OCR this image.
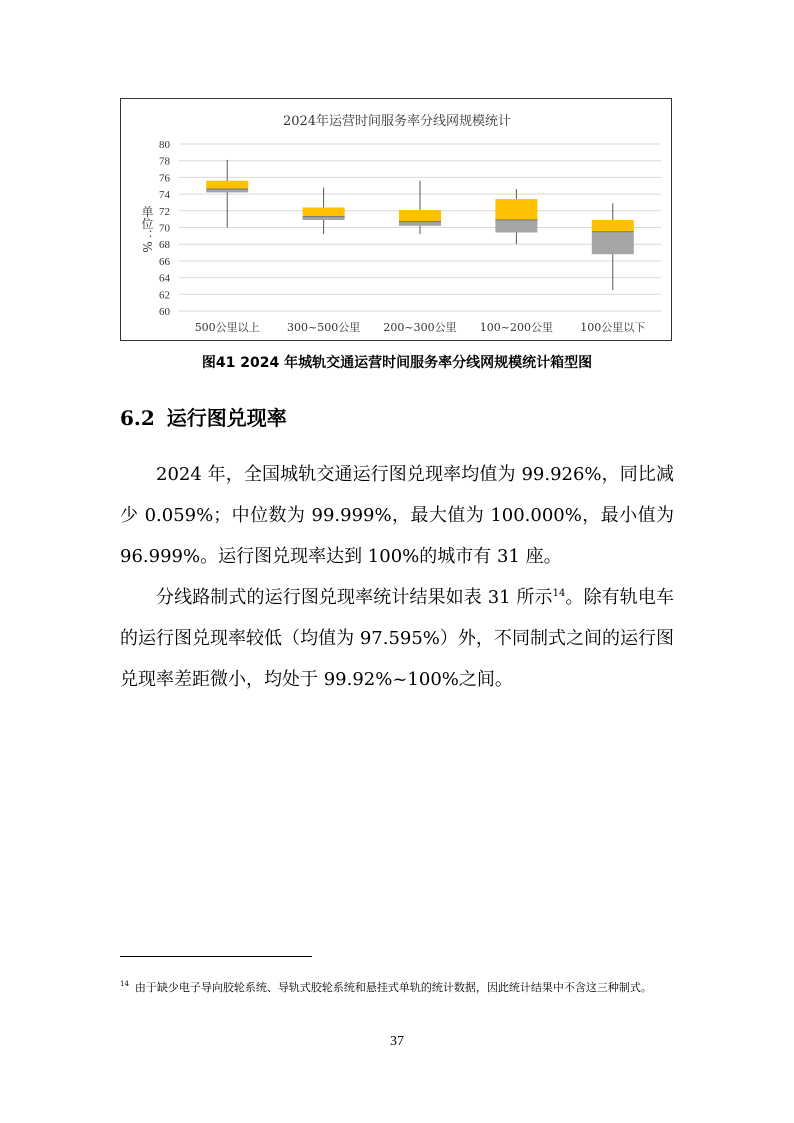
2024年运营时间服务率分线网规模统计
60
62
64
66
68
70
72
74
76
78
80
单位：%
500公里以上 300~500公里 200~300公里 100~200公里 100公里以下
图41 2024 年城轨交通运营时间服务率分线网规模统计箱型图
6.2 运行图兑现率

2024 年，全国城轨交通运行图兑现率均值为 99.926%，同比减少 0.059%；中位数为 99.999%，最大值为 100.000%，最小值为 96.999%。运行图兑现率达到 100%的城市有 31 座。

分线路制式的运行图兑现率统计结果如表 31 所示$^{14}$。除有轨电车的运行图兑现率较低（均值为 97.595%）外，不同制式之间的运行图兑现率差距微小，均处于 99.92%~100%之间。

$^{14}$ 由于缺少电子导向胶轮系统、导轨式胶轮系统和悬挂式单轨的统计数据，因此统计结果中不含这三种制式。
37
